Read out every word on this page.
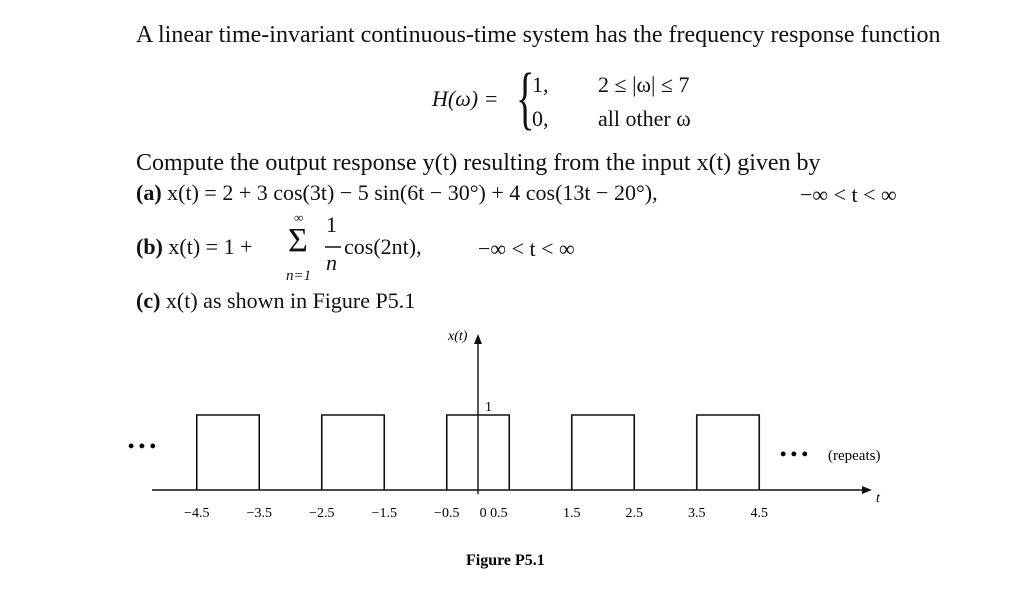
A linear time-invariant continuous-time system has the frequency response function
H(ω) = {
1, 2 ≤ |ω| ≤ 7
0, all other ω
Compute the output response y(t) resulting from the input x(t) given by
(a) x(t) = 2 + 3 cos(3t) − 5 sin(6t − 30°) + 4 cos(13t − 20°),	−∞ < t < ∞
(b) x(t) = 1 + Σ
∞
n=1
1
n
cos(2nt),	−∞ < t < ∞
(c) x(t) as shown in Figure P5.1
−4.5	−3.5	−2.5	−1.5	−0.5 0 0.5	1.5	2.5	3.5	4.5
x(t)
t
1
• • •	• • • (repeats)
Figure P5.1
